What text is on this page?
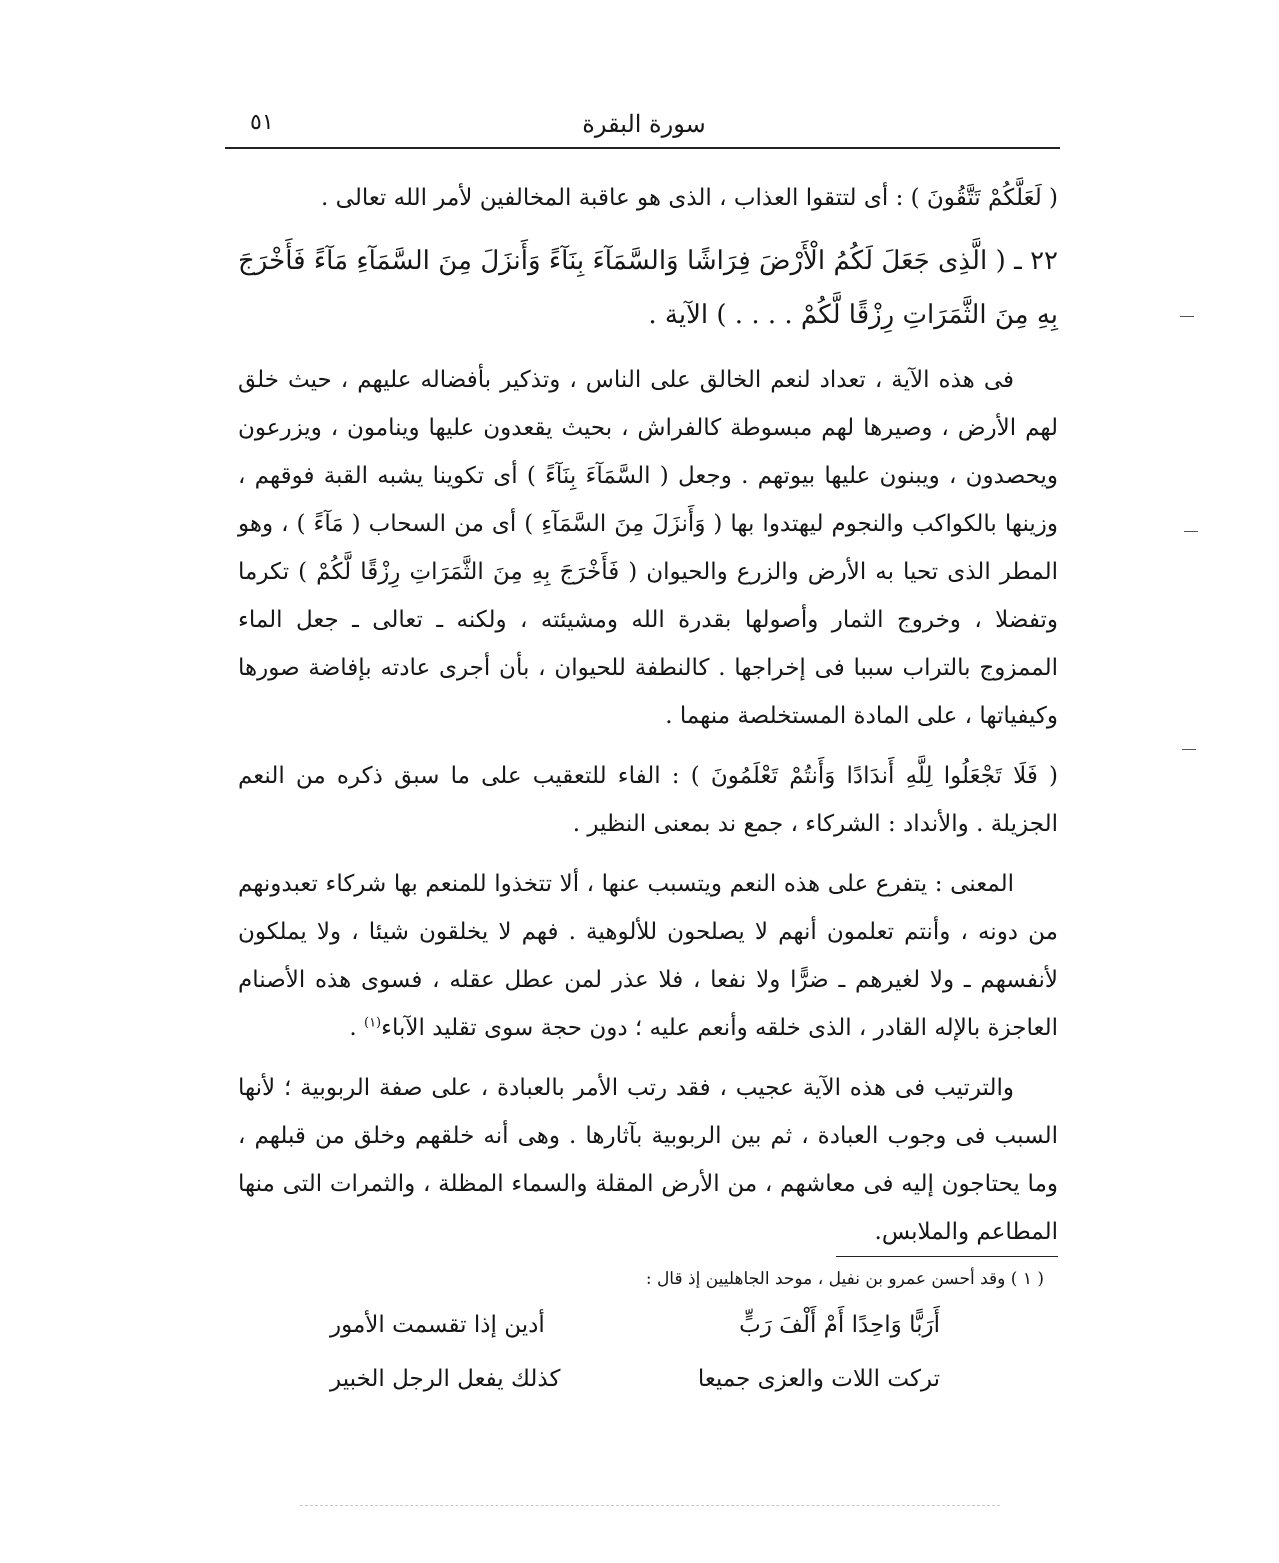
سورة البقرة
٥١

( لَعَلَّكُمْ تَتَّقُونَ ) : أى لتتقوا العذاب ، الذى هو عاقبة المخالفين لأمر الله تعالى .

٢٢ ـ ( الَّذِى جَعَلَ لَكُمُ الْأَرْضَ فِرَاشًا وَالسَّمَآءَ بِنَآءً وَأَنزَلَ مِنَ السَّمَآءِ مَآءً فَأَخْرَجَ بِهِ مِنَ الثَّمَرَاتِ رِزْقًا لَّكُمْ . . . . ) الآية .

فى هذه الآية ، تعداد لنعم الخالق على الناس ، وتذكير بأفضاله عليهم ، حيث خلق لهم الأرض ، وصيرها لهم مبسوطة كالفراش ، بحيث يقعدون عليها وينامون ، ويزرعون ويحصدون ، ويبنون عليها بيوتهم . وجعل ( السَّمَآءَ بِنَآءً ) أى تكوينا يشبه القبة فوقهم ، وزينها بالكواكب والنجوم ليهتدوا بها ( وَأَنزَلَ مِنَ السَّمَآءِ ) أى من السحاب ( مَآءً ) ، وهو المطر الذى تحيا به الأرض والزرع والحيوان ( فَأَخْرَجَ بِهِ مِنَ الثَّمَرَاتِ رِزْقًا لَّكُمْ ) تكرما وتفضلا ، وخروج الثمار وأصولها بقدرة الله ومشيئته ، ولكنه ـ تعالى ـ جعل الماء الممزوج بالتراب سببا فى إخراجها . كالنطفة للحيوان ، بأن أجرى عادته بإفاضة صورها وكيفياتها ، على المادة المستخلصة منهما .

( فَلَا تَجْعَلُوا لِلَّهِ أَندَادًا وَأَنتُمْ تَعْلَمُونَ ) : الفاء للتعقيب على ما سبق ذكره من النعم الجزيلة . والأنداد : الشركاء ، جمع ند بمعنى النظير .

المعنى : يتفرع على هذه النعم ويتسبب عنها ، ألا تتخذوا للمنعم بها شركاء تعبدونهم من دونه ، وأنتم تعلمون أنهم لا يصلحون للألوهية . فهم لا يخلقون شيئا ، ولا يملكون لأنفسهم ـ ولا لغيرهم ـ ضرًّا ولا نفعا ، فلا عذر لمن عطل عقله ، فسوى هذه الأصنام العاجزة بالإله القادر ، الذى خلقه وأنعم عليه ؛ دون حجة سوى تقليد الآباء$^{(١)}$ .

والترتيب فى هذه الآية عجيب ، فقد رتب الأمر بالعبادة ، على صفة الربوبية ؛ لأنها السبب فى وجوب العبادة ، ثم بين الربوبية بآثارها . وهى أنه خلقهم وخلق من قبلهم ، وما يحتاجون إليه فى معاشهم ، من الأرض المقلة والسماء المظلة ، والثمرات التى منها المطاعم والملابس.

( ١ ) وقد أحسن عمرو بن نفيل ، موحد الجاهليين إذ قال :
أَرَبًّا وَاحِدًا أَمْ أَلْفَ رَبٍّ
أدين إذا تقسمت الأمور
تركت اللات والعزى جميعا
كذلك يفعل الرجل الخبير
